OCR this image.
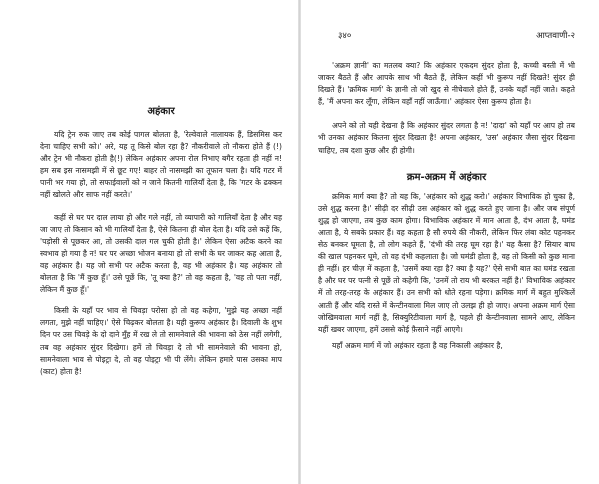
अहंकार

यदि ट्रेन रुक जाए तब कोई पागल बोलता है, 'रेल्वेवाले नालायक हैं, डिसमिस कर देना चाहिए सभी को।' अरे, यह तू किसे बोल रहा है? नौकरीवाले तो नौकरा होते हैं (!) और ट्रेन भी नौकरा होती है(!) लेकिन अहंकार अपना रोल निभाए बगैर रहता ही नहीं न! हम सब इस नासमझी में से छूट गए! बाहर तो नासमझी का तूफान चला है। यदि गटर में पानी भर गया हो, तो सफाईवालों को न जाने कितनी गालियाँ देता है, कि 'गटर के ढक्कन नहीं खोलते और साफ नहीं करते।'

कहीं से घर पर दाल लाया हो और गले नहीं, तो व्यापारी को गालियाँ देता है और यह जा जाए तो किसान को भी गालियाँ देता है, ऐसे कितना ही बोल देता है। यदि उसे कहें कि, 'पड़ोसी से पूछकर आ, तो उसकी दाल गल चुकी होती है।' लेकिन ऐसा अटैक करने का स्वभाव हो गया है न! घर पर अच्छा भोजन बनाया हो तो सभी के घर जाकर कह आता है, वह अहंकार है। यह जो सभी पर अटैक करता है, वह भी अहंकार है। यह अहंकार तो बोलता है कि 'मैं कुछ हूँ।' उसे पूछें कि, 'तू क्या है?' तो वह कहता है, 'वह तो पता नहीं, लेकिन मैं कुछ हूँ।'

किसी के यहाँ पर भाव से चिवड़ा परोसा हो तो वह कहेगा, 'मुझे यह अच्छा नहीं लगता, मुझे नहीं चाहिए।' ऐसे चिढ़कर बोलता है। यही कुरूप अहंकार है। दिवाली के शुभ दिन पर उस चिवड़े के दो दाने मुँह में रख ले तो सामनेवाले की भावना को ठेस नहीं लगेगी, तब वह अहंकार सुंदर दिखेगा। हमें तो चिवड़ा दे तो भी सामनेवाले की भावना हो, सामनेवाला भाव से पोइट्रा दे, तो वह पोइट्रा भी पी लेंगे। लेकिन हमारे पास उसका माप (काट) होता है!

३४०	आप्तवाणी-२

'अक्रम ज्ञानी' का मतलब क्या? कि अहंकार एकदम सुंदर होता है, कच्ची बस्ती में भी जाकर बैठते हैं और आपके साथ भी बैठते हैं, लेकिन कहीं भी कुरूप नहीं दिखते! सुंदर ही दिखते हैं। 'क्रमिक मार्ग' के ज्ञानी तो जो खुद से नीचेवाले होते हैं, उनके यहाँ नहीं जाते। कहते हैं, 'मैं अपना कर लूँगा, लेकिन वहाँ नहीं जाऊँगा।' अहंकार ऐसा कुरूप होता है।

अपने को तो यही देखना है कि अहंकार सुंदर लगता है न! 'दादा' को यहाँ पर आप हो तब भी उनका अहंकार कितना सुंदर दिखता है! अपना अहंकार, 'उस' अहंकार जैसा सुंदर दिखना चाहिए, तब दशा कुछ और ही होगी।

क्रम-अक्रम में अहंकार

क्रमिक मार्ग क्या है? तो यह कि, 'अहंकार को शुद्ध करो।' अहंकार विभाविक हो चुका है, उसे शुद्ध करना है।' सीढ़ी दर सीढ़ी उस अहंकार को शुद्ध करते हुए जाना है। और जब संपूर्ण शुद्ध हो जाएगा, तब कुछ काम होगा। विभाविक अहंकार में मान आता है, दंभ आता है, घमंड आता है, ये सबके प्रकार हैं। वह कहता है सौ रुपये की नौकरी, लेकिन फिर लंबा कोट पहनकर सेठ बनकर घूमता है, तो लोग कहते हैं, 'दंभी की तरह घूम रहा है।' यह कैसा है? सियार बाघ की खाल पहनकर घूमे, तो वह दंभी कहलाता है। जो घमंडी होता है, वह तो किसी को कुछ माना ही नहीं। हर चीज़ में कहता है, 'उसमें क्या रहा है? क्या है यह?' ऐसे सभी बात का घमंड रखता है और घर पर पत्नी से पूछें तो कहेगी कि, 'उनमें तो राय भी बरकत नहीं है।' विभाविक अहंकार में तो तरह-तरह के अहंकार हैं। उन सभी को धोते रहना पड़ेगा। क्रमिक मार्ग में बहुत मुश्किलें आती हैं और यदि रास्ते में केन्टीनवाला मिल जाए तो उलझ ही हो जाए। अपना अक्रम मार्ग ऐसा जोखिमवाला मार्ग नहीं है, सिक्युरिटीवाला मार्ग है, पहले ही केन्टीनवाला सामने आए, लेकिन यहीं खबर जाएगा, हमें उससे कोई फ़ैसाने नहीं आएगे।

यहाँ अक्रम मार्ग में जो अहंकार रहता है वह निकाली अहंकार है,
